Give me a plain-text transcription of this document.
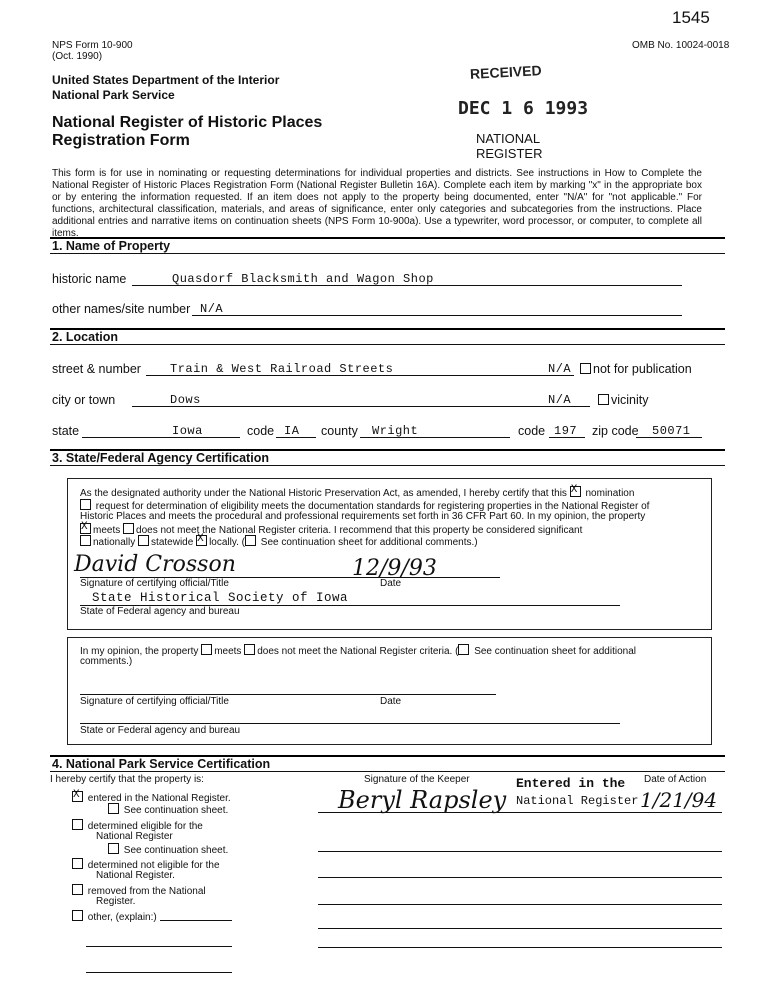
1545
NPS Form 10-900
(Oct. 1990)
OMB No. 10024-0018
United States Department of the Interior
National Park Service
National Register of Historic Places
Registration Form
RECEIVED
DEC 1 6 1993
NATIONAL
REGISTER
This form is for use in nominating or requesting determinations for individual properties and districts. See instructions in How to Complete the National Register of Historic Places Registration Form (National Register Bulletin 16A). Complete each item by marking "x" in the appropriate box or by entering the information requested. If an item does not apply to the property being documented, enter "N/A" for "not applicable." For functions, architectural classification, materials, and areas of significance, enter only categories and subcategories from the instructions. Place additional entries and narrative items on continuation sheets (NPS Form 10-900a). Use a typewriter, word processor, or computer, to complete all items.
1. Name of Property
historic name	Quasdorf Blacksmith and Wagon Shop
other names/site number N/A
2. Location
street & number Train & West Railroad Streets	N/A	not for publication
city or town	Dows	N/A	vicinity
state	Iowa	code IA county Wright	code 197 zip code 50071
3. State/Federal Agency Certification
As the designated authority under the National Historic Preservation Act, as amended, I hereby certify that this X nomination
request for determination of eligibility meets the documentation standards for registering properties in the National Register of
Historic Places and meets the procedural and professional requirements set forth in 36 CFR Part 60. In my opinion, the property
Xmeets does not meet the National Register criteria. I recommend that this property be considered significant
nationally statewide X locally. ( See continuation sheet for additional comments.)
David Crosson	12/9/93
Signature of certifying official/Title	Date
State Historical Society of Iowa
State of Federal agency and bureau
In my opinion, the property meets does not meet the National Register criteria. ( See continuation sheet for additional
comments.)
Signature of certifying official/Title	Date
State or Federal agency and bureau
4. National Park Service Certification
I hereby certify that the property is:	Signature of the Keeper	Date of Action
Entered in the
National Register
Beryl Rapsley	1/21/94
X entered in the National Register.
See continuation sheet.
determined eligible for the
National Register
See continuation sheet.
determined not eligible for the
National Register.
removed from the National
Register.
other, (explain:)
